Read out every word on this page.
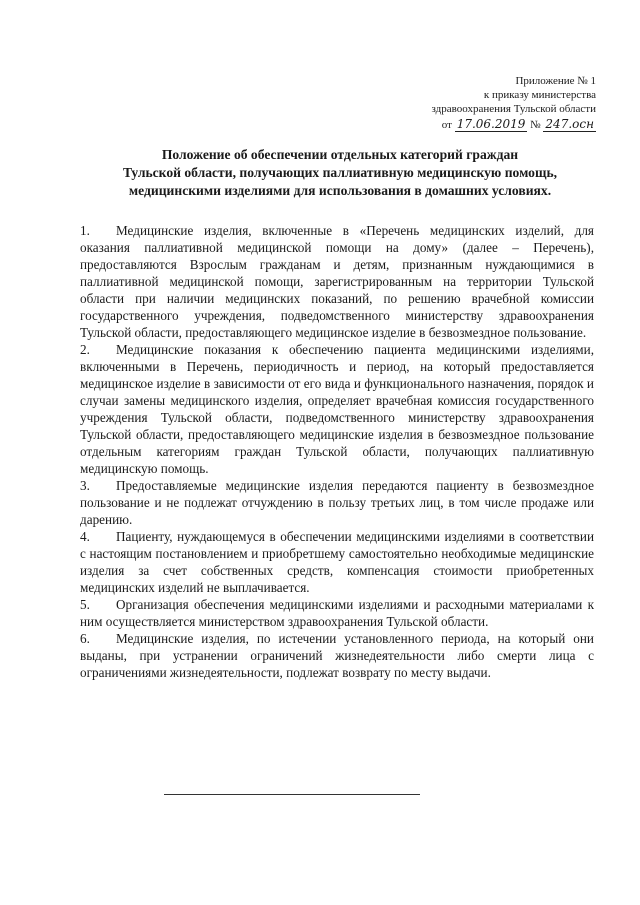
Приложение № 1
к приказу министерства
здравоохранения Тульской области
от 17.06.2019 № 247.осн
Положение об обеспечении отдельных категорий граждан
Тульской области, получающих паллиативную медицинскую помощь,
медицинскими изделиями для использования в домашних условиях.

1. Медицинские изделия, включенные в «Перечень медицинских изделий, для оказания паллиативной медицинской помощи на дому» (далее – Перечень), предоставляются Взрослым гражданам и детям, признанным нуждающимися в паллиативной медицинской помощи, зарегистрированным на территории Тульской области при наличии медицинских показаний, по решению врачебной комиссии государственного учреждения, подведомственного министерству здравоохранения Тульской области, предоставляющего медицинское изделие в безвозмездное пользование.

2. Медицинские показания к обеспечению пациента медицинскими изделиями, включенными в Перечень, периодичность и период, на который предоставляется медицинское изделие в зависимости от его вида и функционального назначения, порядок и случаи замены медицинского изделия, определяет врачебная комиссия государственного учреждения Тульской области, подведомственного министерству здравоохранения Тульской области, предоставляющего медицинские изделия в безвозмездное пользование отдельным категориям граждан Тульской области, получающих паллиативную медицинскую помощь.

3. Предоставляемые медицинские изделия передаются пациенту в безвозмездное пользование и не подлежат отчуждению в пользу третьих лиц, в том числе продаже или дарению.

4. Пациенту, нуждающемуся в обеспечении медицинскими изделиями в соответствии с настоящим постановлением и приобретшему самостоятельно необходимые медицинские изделия за счет собственных средств, компенсация стоимости приобретенных медицинских изделий не выплачивается.

5. Организация обеспечения медицинскими изделиями и расходными материалами к ним осуществляется министерством здравоохранения Тульской области.

6. Медицинские изделия, по истечении установленного периода, на который они выданы, при устранении ограничений жизнедеятельности либо смерти лица с ограничениями жизнедеятельности, подлежат возврату по месту выдачи.
